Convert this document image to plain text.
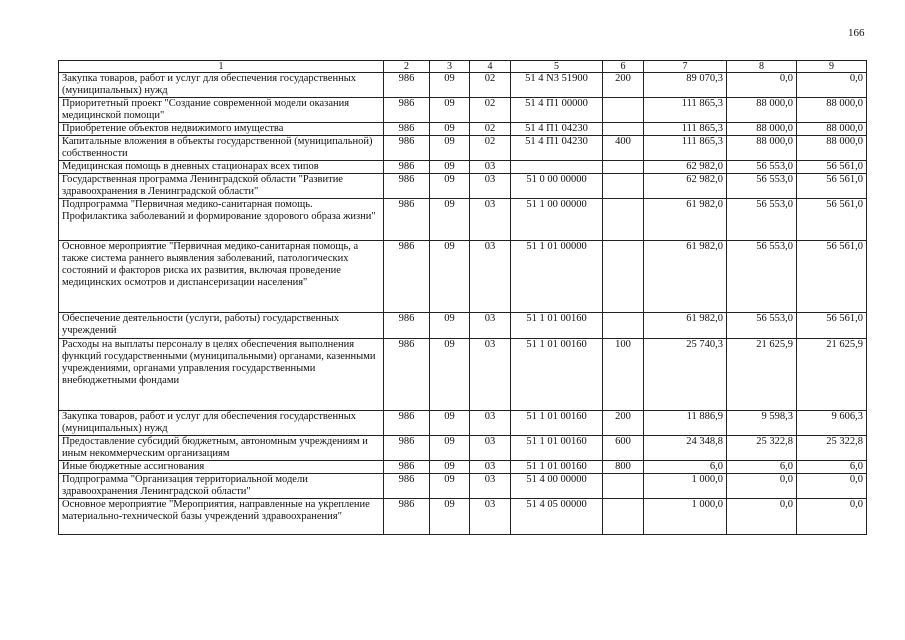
166
1	2	3	4	5	6	7	8	9
Закупка товаров, работ и услуг для обеспечения государственных (муниципальных) нужд	986	09	02	51 4 N3 51900	200	89 070,3	0,0	0,0
Приоритетный проект "Создание современной модели оказания медицинской помощи"	986	09	02	51 4 П1 00000		111 865,3	88 000,0	88 000,0
Приобретение объектов недвижимого имущества	986	09	02	51 4 П1 04230		111 865,3	88 000,0	88 000,0
Капитальные вложения в объекты государственной (муниципальной) собственности	986	09	02	51 4 П1 04230	400	111 865,3	88 000,0	88 000,0
Медицинская помощь в дневных стационарах всех типов	986	09	03			62 982,0	56 553,0	56 561,0
Государственная программа Ленинградской области "Развитие здравоохранения в Ленинградской области"	986	09	03	51 0 00 00000		62 982,0	56 553,0	56 561,0
Подпрограмма "Первичная медико-санитарная помощь. Профилактика заболеваний и формирование здорового образа жизни"	986	09	03	51 1 00 00000		61 982,0	56 553,0	56 561,0
Основное мероприятие "Первичная медико-санитарная помощь, а также система раннего выявления заболеваний, патологических состояний и факторов риска их развития, включая проведение медицинских осмотров и диспансеризации населения"	986	09	03	51 1 01 00000		61 982,0	56 553,0	56 561,0
Обеспечение деятельности (услуги, работы) государственных учреждений	986	09	03	51 1 01 00160		61 982,0	56 553,0	56 561,0
Расходы на выплаты персоналу в целях обеспечения выполнения функций государственными (муниципальными) органами, казенными учреждениями, органами управления государственными внебюджетными фондами	986	09	03	51 1 01 00160	100	25 740,3	21 625,9	21 625,9
Закупка товаров, работ и услуг для обеспечения государственных (муниципальных) нужд	986	09	03	51 1 01 00160	200	11 886,9	9 598,3	9 606,3
Предоставление субсидий бюджетным, автономным учреждениям и иным некоммерческим организациям	986	09	03	51 1 01 00160	600	24 348,8	25 322,8	25 322,8
Иные бюджетные ассигнования	986	09	03	51 1 01 00160	800	6,0	6,0	6,0
Подпрограмма "Организация территориальной модели здравоохранения Ленинградской области"	986	09	03	51 4 00 00000		1 000,0	0,0	0,0
Основное мероприятие "Мероприятия, направленные на укрепление материально-технической базы учреждений здравоохранения"	986	09	03	51 4 05 00000		1 000,0	0,0	0,0
